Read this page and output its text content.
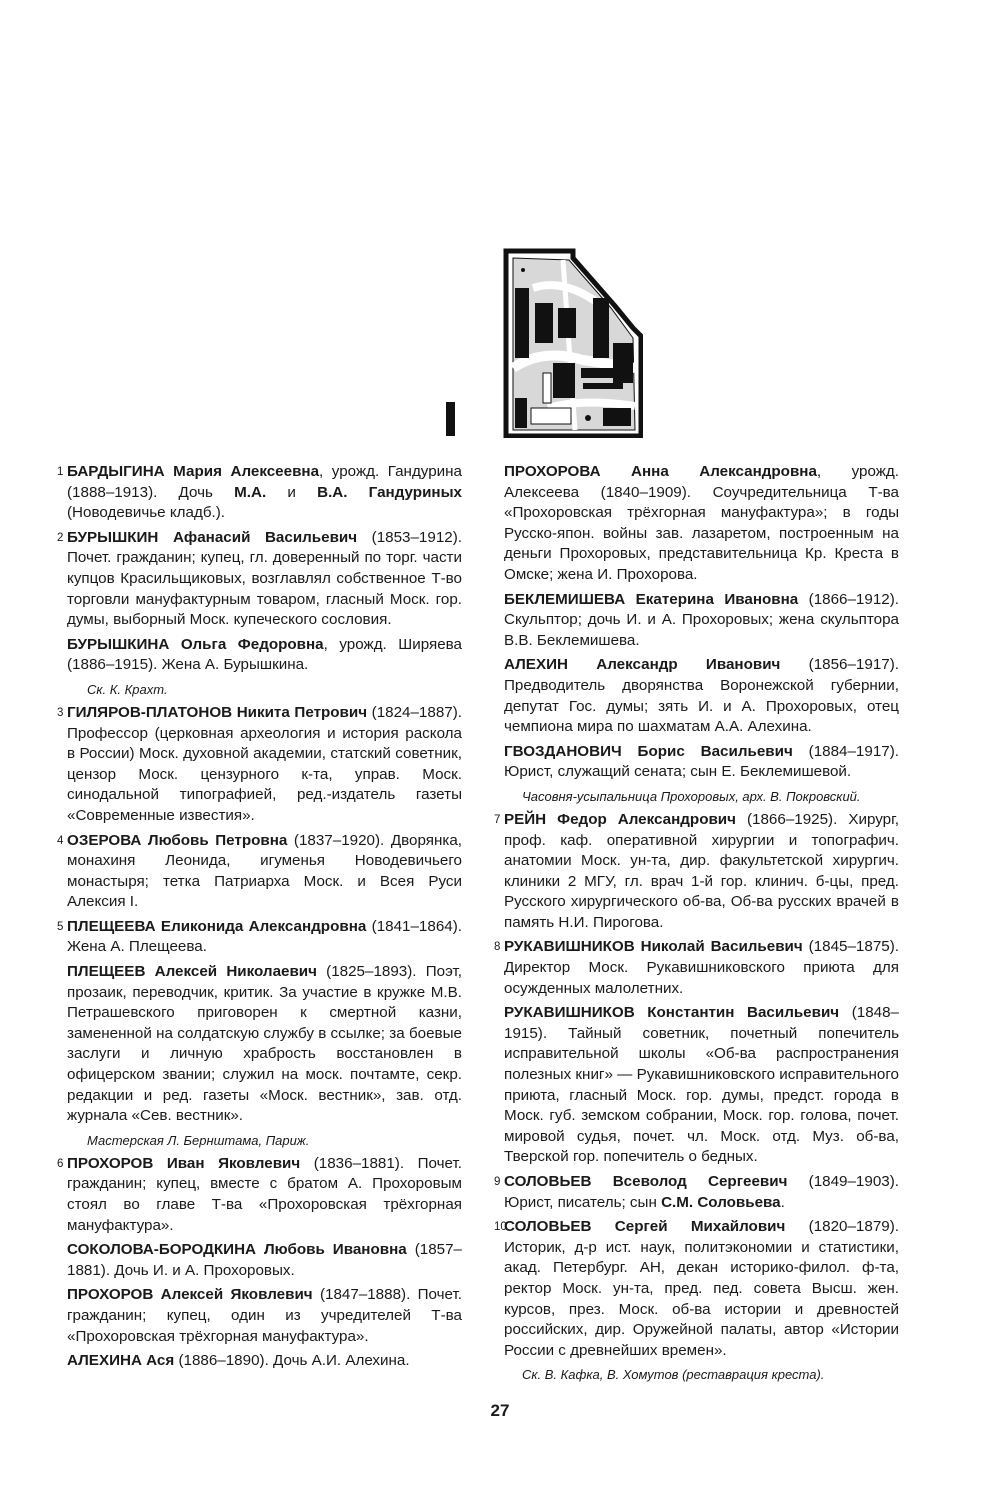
1 БАРДЫГИНА Мария Алексеевна, урожд. Гандурина (1888–1913). Дочь М.А. и В.А. Гандуриных (Новодевичье кладб.).
2 БУРЫШКИН Афанасий Васильевич (1853–1912). Почет. гражданин; купец, гл. доверенный по торг. части купцов Красильщиковых, возглавлял собственное Т-во торговли мануфактурным товаром, гласный Моск. гор. думы, выборный Моск. купеческого сословия.
БУРЫШКИНА Ольга Федоровна, урожд. Ширяева (1886–1915). Жена А. Бурышкина.
Ск. К. Крахт.
3 ГИЛЯРОВ-ПЛАТОНОВ Никита Петрович (1824–1887). Профессор (церковная археология и история раскола в России) Моск. духовной академии, статский советник, цензор Моск. цензурного к-та, управ. Моск. синодальной типографией, ред.-издатель газеты «Современные известия».
4 ОЗЕРОВА Любовь Петровна (1837–1920). Дворянка, монахиня Леонида, игуменья Новодевичьего монастыря; тетка Патриарха Моск. и Всея Руси Алексия I.
5 ПЛЕЩЕЕВА Еликонида Александровна (1841–1864). Жена А. Плещеева.
ПЛЕЩЕЕВ Алексей Николаевич (1825–1893). Поэт, прозаик, переводчик, критик. За участие в кружке М.В. Петрашевского приговорен к смертной казни, замененной на солдатскую службу в ссылке; за боевые заслуги и личную храбрость восстановлен в офицерском звании; служил на моск. почтамте, секр. редакции и ред. газеты «Моск. вестник», зав. отд. журнала «Сев. вестник».
Мастерская Л. Бернштама, Париж.
6 ПРОХОРОВ Иван Яковлевич (1836–1881). Почет. гражданин; купец, вместе с братом А. Прохоровым стоял во главе Т-ва «Прохоровская трёхгорная мануфактура».
СОКОЛОВА-БОРОДКИНА Любовь Ивановна (1857–1881). Дочь И. и А. Прохоровых.
ПРОХОРОВ Алексей Яковлевич (1847–1888). Почет. гражданин; купец, один из учредителей Т-ва «Прохоровская трёхгорная мануфактура».
АЛЕХИНА Ася (1886–1890). Дочь А.И. Алехина.
ПРОХОРОВА Анна Александровна, урожд. Алексеева (1840–1909). Соучредительница Т-ва «Прохоровская трёхгорная мануфактура»; в годы Русско-япон. войны зав. лазаретом, построенным на деньги Прохоровых, представительница Кр. Креста в Омске; жена И. Прохорова.
БЕКЛЕМИШЕВА Екатерина Ивановна (1866–1912). Скульптор; дочь И. и А. Прохоровых; жена скульптора В.В. Беклемишева.
АЛЕХИН Александр Иванович (1856–1917). Предводитель дворянства Воронежской губернии, депутат Гос. думы; зять И. и А. Прохоровых, отец чемпиона мира по шахматам А.А. Алехина.
ГВОЗДАНОВИЧ Борис Васильевич (1884–1917). Юрист, служащий сената; сын Е. Беклемишевой.
Часовня-усыпальница Прохоровых, арх. В. Покровский.
7 РЕЙН Федор Александрович (1866–1925). Хирург, проф. каф. оперативной хирургии и топографич. анатомии Моск. ун-та, дир. факультетской хирургич. клиники 2 МГУ, гл. врач 1-й гор. клинич. б-цы, пред. Русского хирургического об-ва, Об-ва русских врачей в память Н.И. Пирогова.
8 РУКАВИШНИКОВ Николай Васильевич (1845–1875). Директор Моск. Рукавишниковского приюта для осужденных малолетних.
РУКАВИШНИКОВ Константин Васильевич (1848–1915). Тайный советник, почетный попечитель исправительной школы «Об-ва распространения полезных книг» — Рукавишниковского исправительного приюта, гласный Моск. гор. думы, предст. города в Моск. губ. земском собрании, Моск. гор. голова, почет. мировой судья, почет. чл. Моск. отд. Муз. об-ва, Тверской гор. попечитель о бедных.
9 СОЛОВЬЕВ Всеволод Сергеевич (1849–1903). Юрист, писатель; сын С.М. Соловьева.
10
СОЛОВЬЕВ Сергей Михайлович (1820–1879). Историк, д-р ист. наук, политэкономии и статистики, акад. Петербург. АН, декан историко-филол. ф-та, ректор Моск. ун-та, пред. пед. совета Высш. жен. курсов, през. Моск. об-ва истории и древностей российских, дир. Оружейной палаты, автор «Истории России с древнейших времен».
Ск. В. Кафка, В. Хомутов (реставрация креста).
27
